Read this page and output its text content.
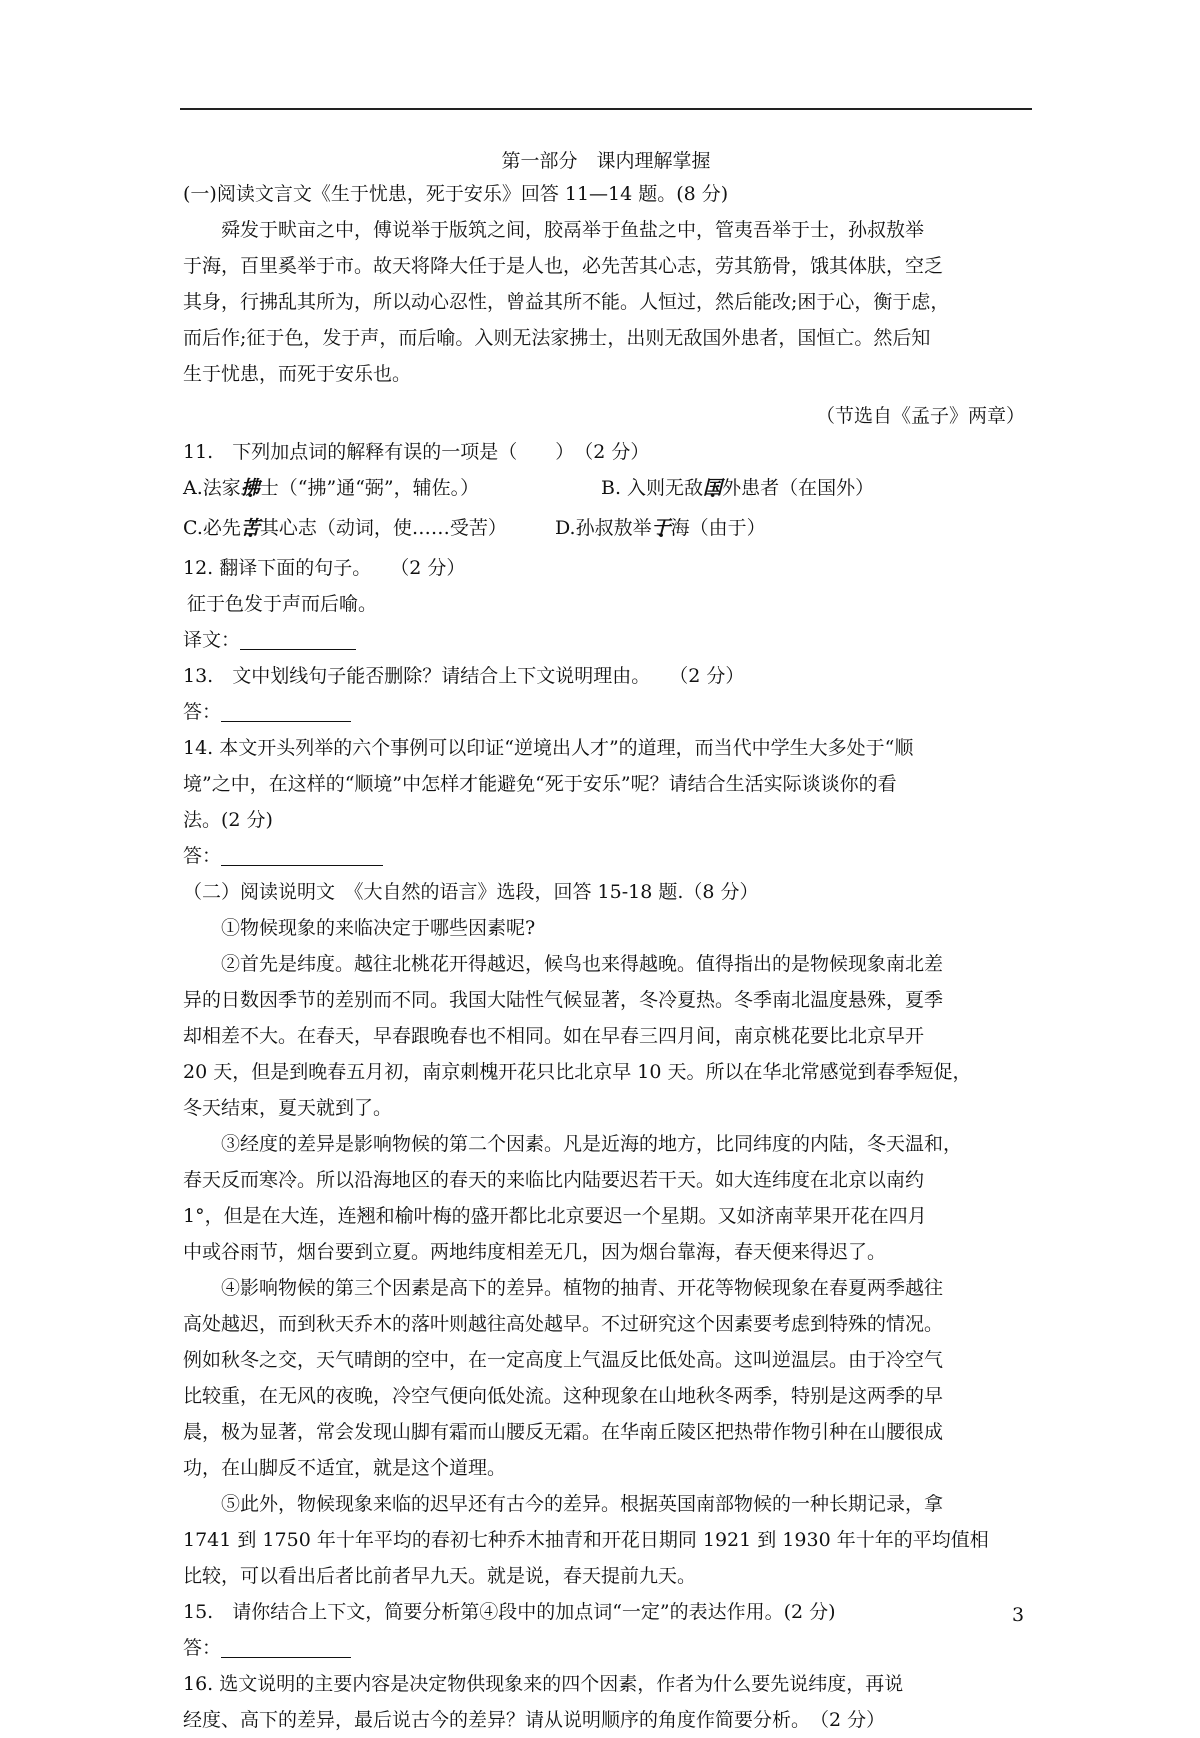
第一部分　课内理解掌握

(一)阅读文言文《生于忧患，死于安乐》回答 11—14 题。(8 分)

舜发于畎亩之中，傅说举于版筑之间，胶鬲举于鱼盐之中，管夷吾举于士，孙叔敖举

于海，百里奚举于市。故天将降大任于是人也，必先苦其心志，劳其筋骨，饿其体肤，空乏

其身，行拂乱其所为，所以动心忍性，曾益其所不能。人恒过，然后能改;困于心，衡于虑，

而后作;征于色，发于声，而后喻。入则无法家拂士，出则无敌国外患者，国恒亡。然后知

生于忧患，而死于安乐也。

（节选自《孟子》两章）

11.　下列加点词的解释有误的一项是（　　）　（2 分）

A.法家拂士（“拂”通“弼”，辅佐。）	B. 入则无敌国外患者（在国外）

C.必先苦其心志（动词，使……受苦）	D.孙叔敖举于海（由于）

12. 翻译下面的句子。　　（2 分）

征于色发于声而后喻。

译文：

13.　文中划线句子能否删除？请结合上下文说明理由。　　（2 分）

答：

14. 本文开头列举的六个事例可以印证“逆境出人才”的道理，而当代中学生大多处于“顺

境”之中，在这样的“顺境”中怎样才能避免“死于安乐”呢？请结合生活实际谈谈你的看

法。(2 分)

答：

（二）阅读说明文　《大自然的语言》选段，回答 15-18 题.（8 分）

①物候现象的来临决定于哪些因素呢?

②首先是纬度。越往北桃花开得越迟，候鸟也来得越晚。值得指出的是物候现象南北差

异的日数因季节的差别而不同。我国大陆性气候显著，冬冷夏热。冬季南北温度悬殊，夏季

却相差不大。在春天，早春跟晚春也不相同。如在早春三四月间，南京桃花要比北京早开

20 天，但是到晚春五月初，南京刺槐开花只比北京早 10 天。所以在华北常感觉到春季短促，

冬天结束，夏天就到了。

③经度的差异是影响物候的第二个因素。凡是近海的地方，比同纬度的内陆，冬天温和，

春天反而寒冷。所以沿海地区的春天的来临比内陆要迟若干天。如大连纬度在北京以南约

1°，但是在大连，连翘和榆叶梅的盛开都比北京要迟一个星期。又如济南苹果开花在四月

中或谷雨节，烟台要到立夏。两地纬度相差无几，因为烟台靠海，春天便来得迟了。

④影响物候的第三个因素是高下的差异。植物的抽青、开花等物候现象在春夏两季越往

高处越迟，而到秋天乔木的落叶则越往高处越早。不过研究这个因素要考虑到特殊的情况。

例如秋冬之交，天气晴朗的空中，在一定高度上气温反比低处高。这叫逆温层。由于冷空气

比较重，在无风的夜晚，冷空气便向低处流。这种现象在山地秋冬两季，特别是这两季的早

晨，极为显著，常会发现山脚有霜而山腰反无霜。在华南丘陵区把热带作物引种在山腰很成

功，在山脚反不适宜，就是这个道理。

⑤此外，物候现象来临的迟早还有古今的差异。根据英国南部物候的一种长期记录，拿

1741 到 1750 年十年平均的春初七种乔木抽青和开花日期同 1921 到 1930 年十年的平均值相

比较，可以看出后者比前者早九天。就是说，春天提前九天。

15.　请你结合上下文，简要分析第④段中的加点词“一定”的表达作用。(2 分)

答：

16. 选文说明的主要内容是决定物供现象来的四个因素，作者为什么要先说纬度，再说

经度、高下的差异，最后说古今的差异？请从说明顺序的角度作简要分析。　（2 分）

3
